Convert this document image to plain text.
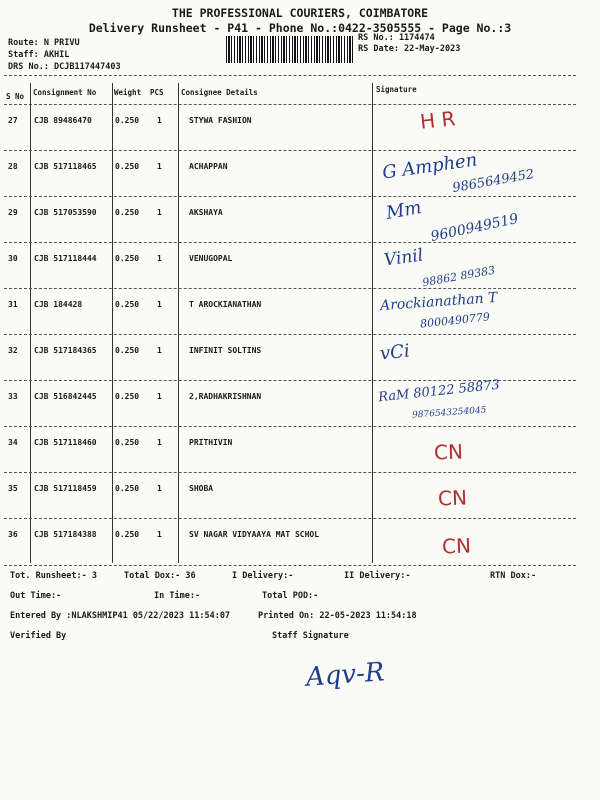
THE PROFESSIONAL COURIERS, COIMBATORE
Delivery Runsheet - P41 - Phone No.:0422-3505555 - Page No.:3
Route: N PRIVU
Staff: AKHIL
DRS No.: DCJB117447403
RS No.: 1174474
RS Date: 22-May-2023
S No Consignment No Weight PCS Consignee Details	Signature
27 CJB 89486470	0.250 1	STYWA FASHION	H R
28 CJB 517118465 0.250 1	ACHAPPAN	G Amphen
9865649452
29 CJB 517053590 0.250 1	AKSHAYA	Mm
9600949519
30 CJB 517118444 0.250 1	VENUGOPAL	Vinil
98862 89383
31 CJB 184428	0.250 1	T AROCKIANATHAN	Arockianathan T
8000490779
32 CJB 517184365 0.250 1	INFINIT SOLTINS	vCi
33 CJB 516842445 0.250 1	2,RADHAKRISHNAN	RaM 80122 58873
9876543254045
34 CJB 517118460 0.250 1	PRITHIVIN	CN
35 CJB 517118459 0.250 1	SHOBA	CN
36 CJB 517184388 0.250 1	SV NAGAR VIDYAAYA MAT SCHOL	CN
Tot. Runsheet:- 3	Total Dox:- 36	I Delivery:-	II Delivery:-	RTN Dox:-
Out Time:-	In Time:-	Total POD:-
Entered By :NLAKSHMIP41 05/22/2023 11:54:07	Printed On: 22-05-2023 11:54:18
Verified By	Staff Signature
Aqv-R
